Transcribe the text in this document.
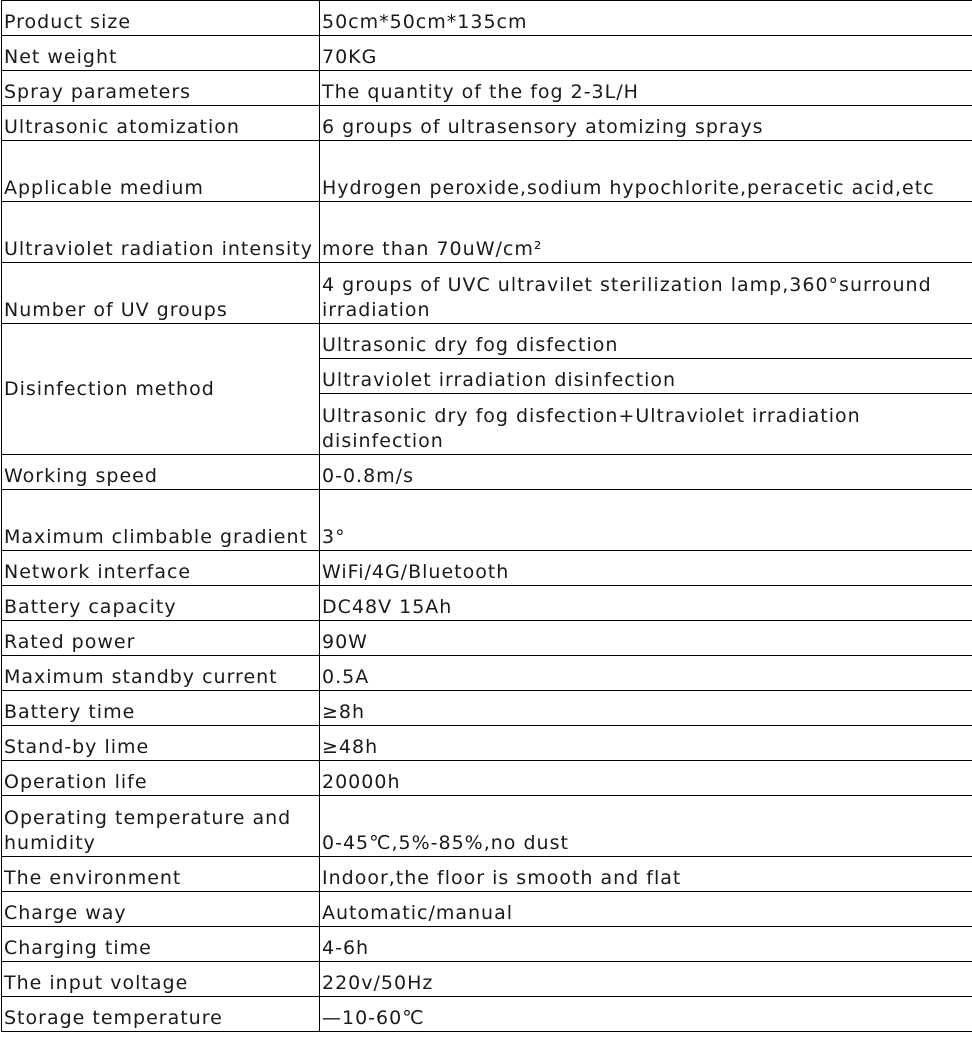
Product size	50cm*50cm*135cm
Net weight	70KG
Spray parameters	The quantity of the fog 2-3L/H
Ultrasonic atomization	6 groups of ultrasensory atomizing sprays
Applicable medium	Hydrogen peroxide,sodium hypochlorite,peracetic acid,etc
Ultraviolet radiation intensity	more than 70uW/cm²
Number of UV groups	4 groups of UVC ultravilet sterilization lamp,360°surround irradiation
Disinfection method	Ultrasonic dry fog disfection
	Ultraviolet irradiation disinfection
	Ultrasonic dry fog disfection+Ultraviolet irradiation disinfection
Working speed	0-0.8m/s
Maximum climbable gradient	3°
Network interface	WiFi/4G/Bluetooth
Battery capacity	DC48V 15Ah
Rated power	90W
Maximum standby current	0.5A
Battery time	≥8h
Stand-by lime	≥48h
Operation life	20000h
Operating temperature and humidity	0-45℃,5%-85%,no dust
The environment	Indoor,the floor is smooth and flat
Charge way	Automatic/manual
Charging time	4-6h
The input voltage	220v/50Hz
Storage temperature	—10-60℃
